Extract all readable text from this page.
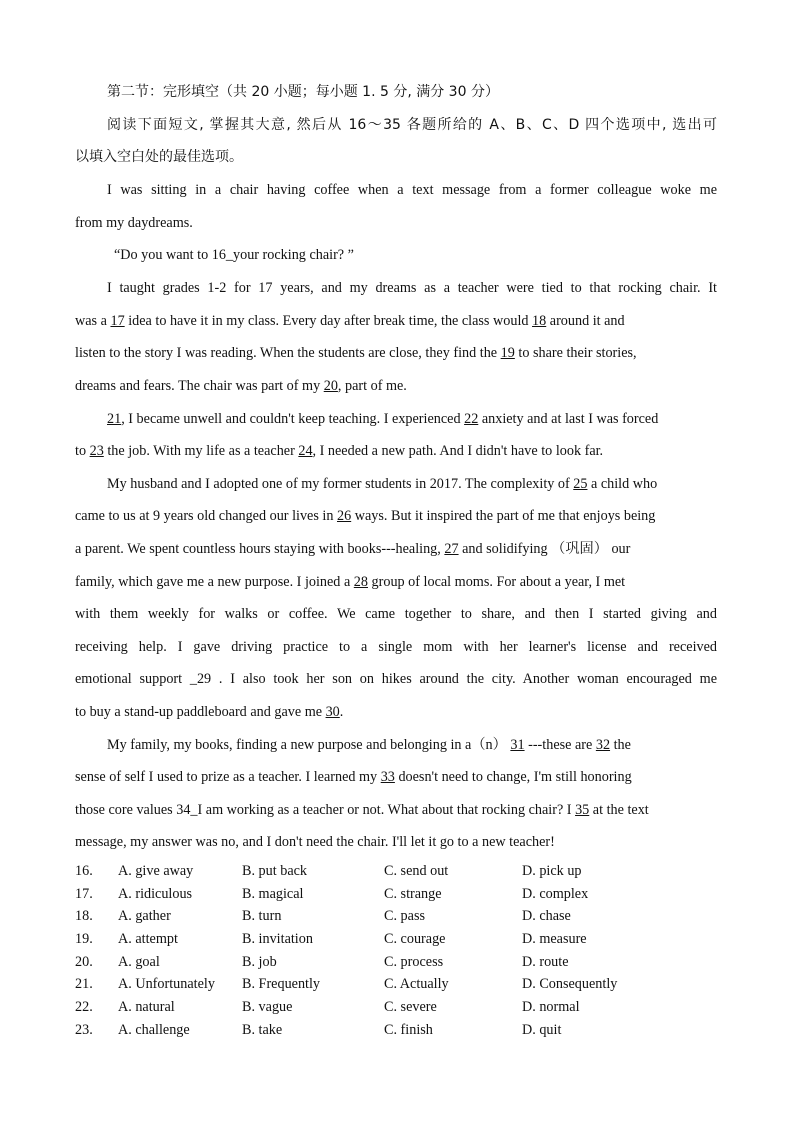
第二节：完形填空（共 20 小题；每小题 1. 5 分, 满分 30 分）
阅读下面短文, 掌握其大意, 然后从 16～35 各题所给的 A、B、C、D 四个选项中, 选出可
以填入空白处的最佳选项。
I was sitting in a chair having coffee when a text message from a former colleague woke me
from my daydreams.
“Do you want to 16_your rocking chair? ”
I taught grades 1-2 for 17 years, and my dreams as a teacher were tied to that rocking chair. It
was a 17 idea to have it in my class. Every day after break time, the class would 18 around it and
listen to the story I was reading. When the students are close, they find the 19 to share their stories,
dreams and fears. The chair was part of my 20, part of me.
21, I became unwell and couldn't keep teaching. I experienced 22 anxiety and at last I was forced
to 23 the job. With my life as a teacher 24, I needed a new path. And I didn't have to look far.
My husband and I adopted one of my former students in 2017. The complexity of 25 a child who
came to us at 9 years old changed our lives in 26 ways. But it inspired the part of me that enjoys being
a parent. We spent countless hours staying with books---healing, 27 and solidifying （巩固） our
family, which gave me a new purpose. I joined a 28 group of local moms. For about a year, I met
with them weekly for walks or coffee. We came together to share, and then I started giving and
receiving help. I gave driving practice to a single mom with her learner's license and received
emotional support _29 . I also took her son on hikes around the city. Another woman encouraged me
to buy a stand-up paddleboard and gave me 30.
My family, my books, finding a new purpose and belonging in a（n） 31 ---these are 32 the
sense of self I used to prize as a teacher. I learned my 33 doesn't need to change, I'm still honoring
those core values 34_I am working as a teacher or not. What about that rocking chair? I 35 at the text
message, my answer was no, and I don't need the chair. I'll let it go to a new teacher!
16. A. give away	B. put back	C. send out	D. pick up
17. A. ridiculous	B. magical	C. strange	D. complex
18. A. gather	B. turn	C. pass	D. chase
19. A. attempt	B. invitation	C. courage	D. measure
20. A. goal	B. job	C. process	D. route
21. A. Unfortunately B. Frequently	C. Actually	D. Consequently
22. A. natural	B. vague	C. severe	D. normal
23. A. challenge	B. take	C. finish	D. quit
